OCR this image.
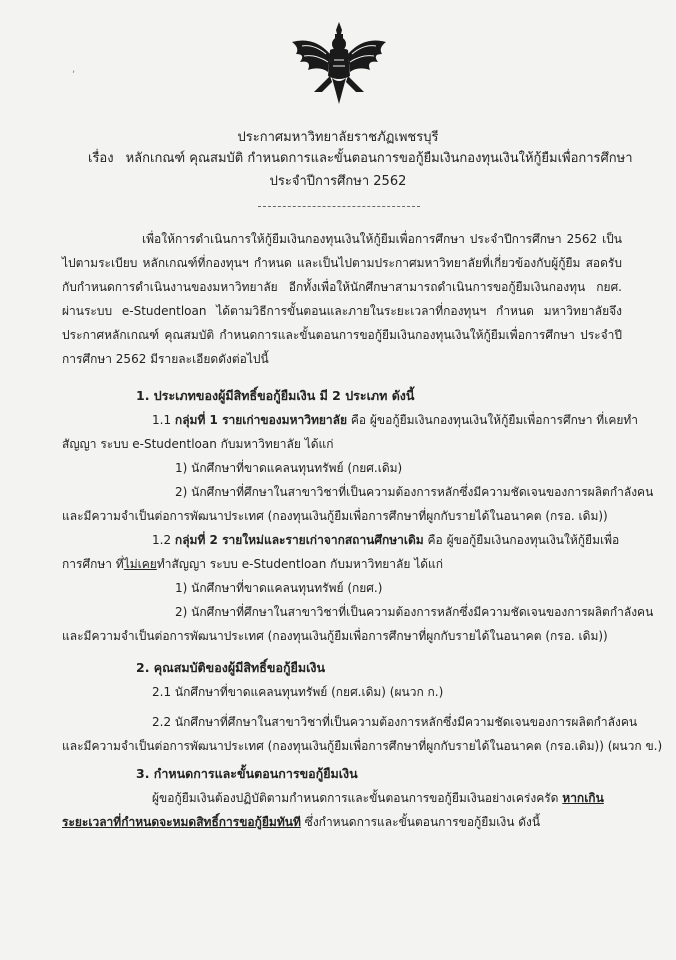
,
ประกาศมหาวิทยาลัยราชภัฏเพชรบุรี
เรื่อง หลักเกณฑ์ คุณสมบัติ กำหนดการและขั้นตอนการขอกู้ยืมเงินกองทุนเงินให้กู้ยืมเพื่อการศึกษา
ประจำปีการศึกษา 2562
เพื่อให้การดำเนินการให้กู้ยืมเงินกองทุนเงินให้กู้ยืมเพื่อการศึกษา ประจำปีการศึกษา 2562 เป็นไปตามระเบียบ หลักเกณฑ์ที่กองทุนฯ กำหนด และเป็นไปตามประกาศมหาวิทยาลัยที่เกี่ยวข้องกับผู้กู้ยืม สอดรับกับกำหนดการดำเนินงานของมหาวิทยาลัย อีกทั้งเพื่อให้นักศึกษาสามารถดำเนินการขอกู้ยืมเงินกองทุน กยศ. ผ่านระบบ e-Studentloan ได้ตามวิธีการขั้นตอนและภายในระยะเวลาที่กองทุนฯ กำหนด มหาวิทยาลัยจึงประกาศหลักเกณฑ์ คุณสมบัติ กำหนดการและขั้นตอนการขอกู้ยืมเงินกองทุนเงินให้กู้ยืมเพื่อการศึกษา ประจำปีการศึกษา 2562 มีรายละเอียดดังต่อไปนี้
1. ประเภทของผู้มีสิทธิ์ขอกู้ยืมเงิน มี 2 ประเภท ดังนี้
1.1 กลุ่มที่ 1 รายเก่าของมหาวิทยาลัย คือ ผู้ขอกู้ยืมเงินกองทุนเงินให้กู้ยืมเพื่อการศึกษา ที่เคยทำ
สัญญา ระบบ e-Studentloan กับมหาวิทยาลัย ได้แก่
1) นักศึกษาที่ขาดแคลนทุนทรัพย์ (กยศ.เดิม)
2) นักศึกษาที่ศึกษาในสาขาวิชาที่เป็นความต้องการหลักซึ่งมีความชัดเจนของการผลิตกำลังคน
และมีความจำเป็นต่อการพัฒนาประเทศ (กองทุนเงินกู้ยืมเพื่อการศึกษาที่ผูกกับรายได้ในอนาคต (กรอ. เดิม))
1.2 กลุ่มที่ 2 รายใหม่และรายเก่าจากสถานศึกษาเดิม คือ ผู้ขอกู้ยืมเงินกองทุนเงินให้กู้ยืมเพื่อ
การศึกษา ที่ไม่เคยทำสัญญา ระบบ e-Studentloan กับมหาวิทยาลัย ได้แก่
1) นักศึกษาที่ขาดแคลนทุนทรัพย์ (กยศ.)
2) นักศึกษาที่ศึกษาในสาขาวิชาที่เป็นความต้องการหลักซึ่งมีความชัดเจนของการผลิตกำลังคน
และมีความจำเป็นต่อการพัฒนาประเทศ (กองทุนเงินกู้ยืมเพื่อการศึกษาที่ผูกกับรายได้ในอนาคต (กรอ. เดิม))
2. คุณสมบัติของผู้มีสิทธิ์ขอกู้ยืมเงิน
2.1 นักศึกษาที่ขาดแคลนทุนทรัพย์ (กยศ.เดิม) (ผนวก ก.)
2.2 นักศึกษาที่ศึกษาในสาขาวิชาที่เป็นความต้องการหลักซึ่งมีความชัดเจนของการผลิตกำลังคน
และมีความจำเป็นต่อการพัฒนาประเทศ (กองทุนเงินกู้ยืมเพื่อการศึกษาที่ผูกกับรายได้ในอนาคต (กรอ.เดิม)) (ผนวก ข.)
3. กำหนดการและขั้นตอนการขอกู้ยืมเงิน
ผู้ขอกู้ยืมเงินต้องปฏิบัติตามกำหนดการและขั้นตอนการขอกู้ยืมเงินอย่างเคร่งครัด หากเกิน
ระยะเวลาที่กำหนดจะหมดสิทธิ์การขอกู้ยืมทันที ซึ่งกำหนดการและขั้นตอนการขอกู้ยืมเงิน ดังนี้
